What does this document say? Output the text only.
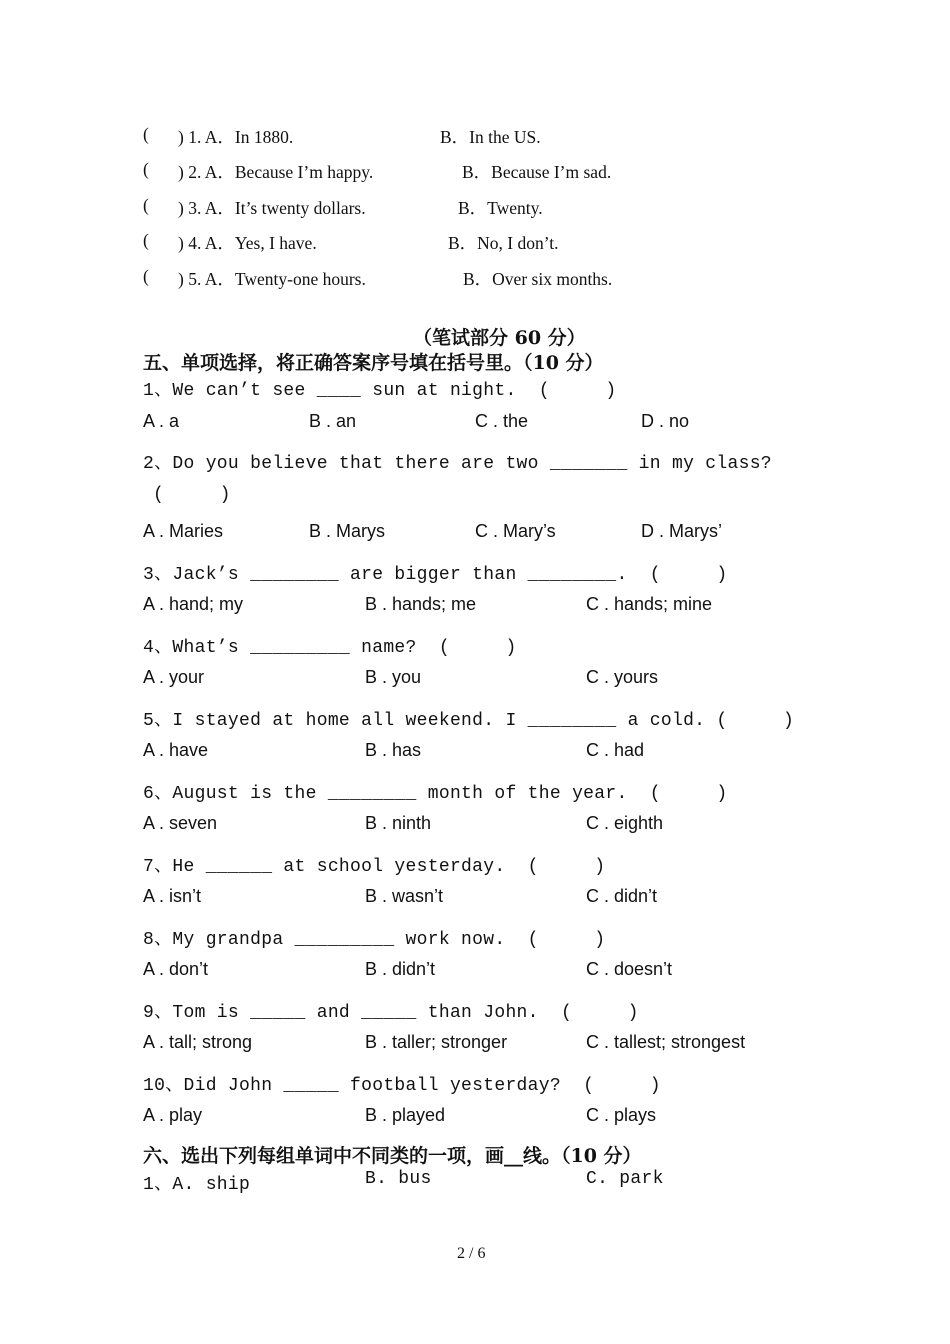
( ) 1. A．In 1880.	B．In the US.
( ) 2. A．Because I’m happy.	B．Because I’m sad.
( ) 3. A．It’s twenty dollars.	B．Twenty.
( ) 4. A．Yes, I have.	B．No, I don’t.
( ) 5. A．Twenty-one hours.	B．Over six months.
（笔试部分 60 分）
五、单项选择，将正确答案序号填在括号里。（10 分）
1、We can’t see ____ sun at night.  (     )
A . a	B . an	C . the	D . no
2、Do you believe that there are two _______ in my class?
(     )
A . Maries	B . Marys	C . Mary’s	D . Marys’
3、Jack’s ________ are bigger than ________.  (     )
A . hand; my	B . hands; me	C . hands; mine
4、What’s _________ name?  (     )
A . your	B . you	C . yours
5、I stayed at home all weekend. I ________ a cold. (     )
A . have	B . has	C . had
6、August is the ________ month of the year.  (     )
A . seven	B . ninth	C . eighth
7、He ______ at school yesterday.  (     )
A . isn’t	B . wasn’t	C . didn’t
8、My grandpa _________ work now.  (     )
A . don’t	B . didn’t	C . doesn’t
9、Tom is _____ and _____ than John.  (     )
A . tall; strong	B . taller; stronger	C . tallest; strongest
10、Did John _____ football yesterday?  (     )
A . play	B . played	C . plays
六、选出下列每组单词中不同类的一项，画__线。（10 分）
1、A. ship	B. bus	C. park
2 / 6
